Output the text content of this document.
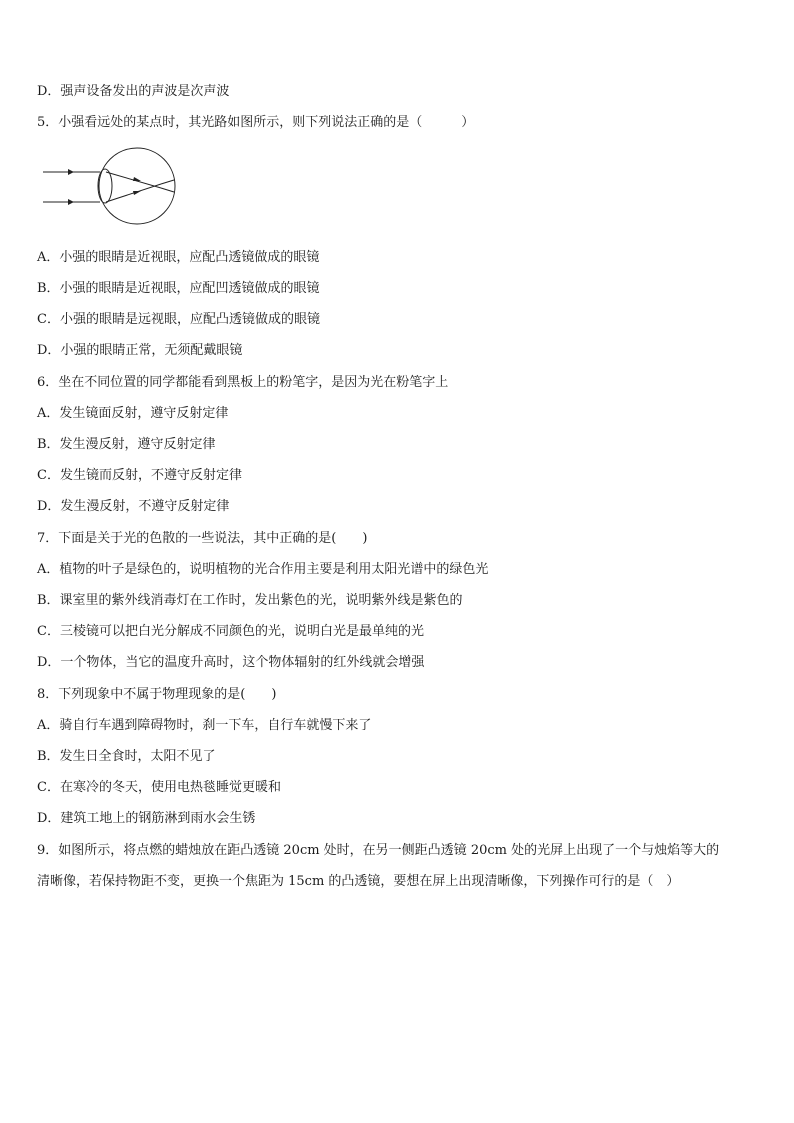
D．强声设备发出的声波是次声波
5．小强看远处的某点时，其光路如图所示，则下列说法正确的是（　　　）
A．小强的眼睛是近视眼，应配凸透镜做成的眼镜
B．小强的眼睛是近视眼，应配凹透镜做成的眼镜
C．小强的眼睛是远视眼，应配凸透镜做成的眼镜
D．小强的眼睛正常，无须配戴眼镜
6．坐在不同位置的同学都能看到黑板上的粉笔字，是因为光在粉笔字上
A．发生镜面反射，遵守反射定律
B．发生漫反射，遵守反射定律
C．发生镜而反射，不遵守反射定律
D．发生漫反射，不遵守反射定律
7．下面是关于光的色散的一些说法，其中正确的是(　　)
A．植物的叶子是绿色的，说明植物的光合作用主要是利用太阳光谱中的绿色光
B．课室里的紫外线消毒灯在工作时，发出紫色的光，说明紫外线是紫色的
C．三棱镜可以把白光分解成不同颜色的光，说明白光是最单纯的光
D．一个物体，当它的温度升高时，这个物体辐射的红外线就会增强
8．下列现象中不属于物理现象的是(　　)
A．骑自行车遇到障碍物时，刹一下车，自行车就慢下来了
B．发生日全食时，太阳不见了
C．在寒冷的冬天，使用电热毯睡觉更暖和
D．建筑工地上的钢筋淋到雨水会生锈
9．如图所示，将点燃的蜡烛放在距凸透镜 20cm 处时，在另一侧距凸透镜 20cm 处的光屏上出现了一个与烛焰等大的
清晰像，若保持物距不变，更换一个焦距为 15cm 的凸透镜，要想在屏上出现清晰像，下列操作可行的是（　）
